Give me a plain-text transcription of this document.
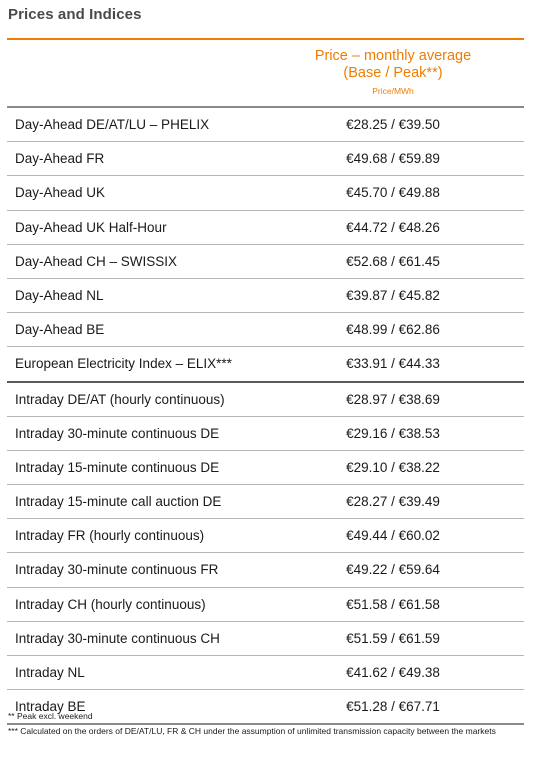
Prices and Indices
Price – monthly average
(Base / Peak**)
Price/MWh
Day-Ahead DE/AT/LU – PHELIX	€28.25 / €39.50
Day-Ahead FR	€49.68 / €59.89
Day-Ahead UK	€45.70 / €49.88
Day-Ahead UK Half-Hour	€44.72 / €48.26
Day-Ahead CH – SWISSIX	€52.68 / €61.45
Day-Ahead NL	€39.87 / €45.82
Day-Ahead BE	€48.99 / €62.86
European Electricity Index – ELIX***	€33.91 / €44.33
Intraday DE/AT (hourly continuous)	€28.97 / €38.69
Intraday 30-minute continuous DE	€29.16 / €38.53
Intraday 15-minute continuous DE	€29.10 / €38.22
Intraday 15-minute call auction DE	€28.27 / €39.49
Intraday FR (hourly continuous)	€49.44 / €60.02
Intraday 30-minute continuous FR	€49.22 / €59.64
Intraday CH (hourly continuous)	€51.58 / €61.58
Intraday 30-minute continuous CH	€51.59 / €61.59
Intraday NL	€41.62 / €49.38
Intraday BE	€51.28 / €67.71
** Peak excl. weekend
*** Calculated on the orders of DE/AT/LU, FR & CH under the assumption of unlimited transmission capacity between the markets
